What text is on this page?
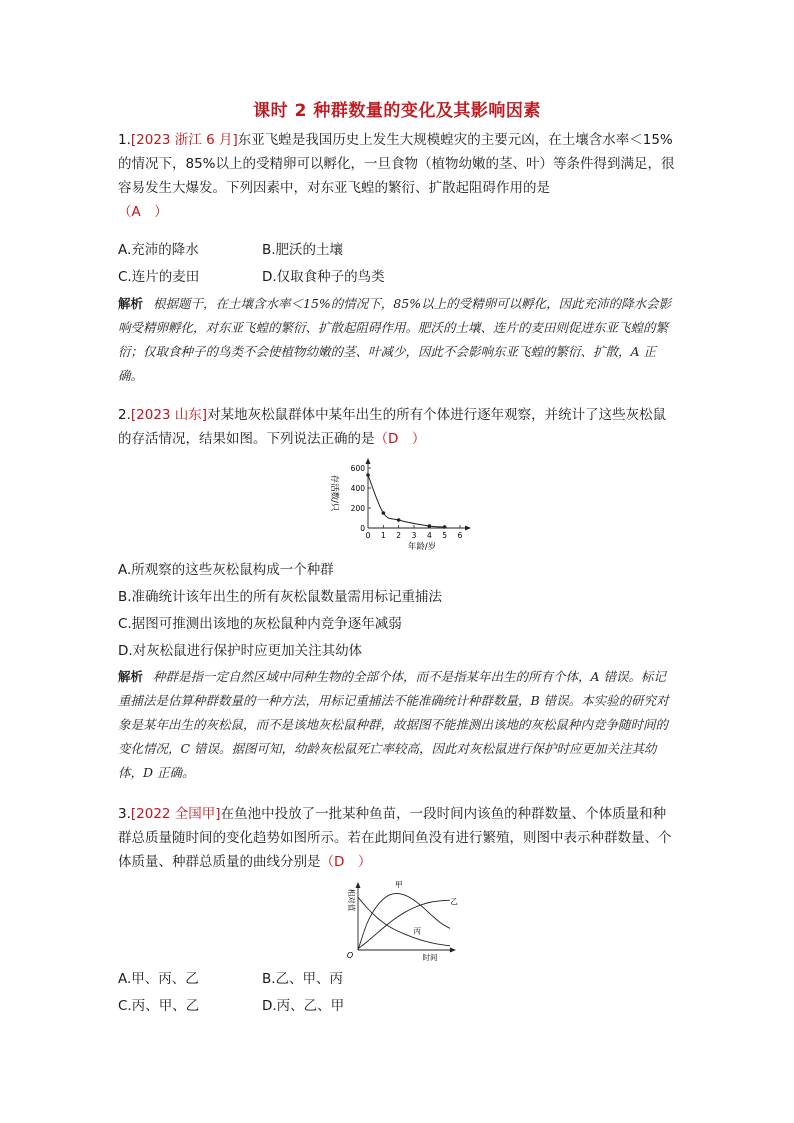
课时 2 种群数量的变化及其影响因素
1.[2023 浙江 6 月]东亚飞蝗是我国历史上发生大规模蝗灾的主要元凶，在土壤含水率＜15%的情况下，85%以上的受精卵可以孵化，一旦食物（植物幼嫩的茎、叶）等条件得到满足，很容易发生大爆发。下列因素中，对东亚飞蝗的繁衍、扩散起阻碍作用的是
（A　）
A.充沛的降水	B.肥沃的土壤
C.连片的麦田	D.仅取食种子的鸟类
解析 根据题干，在土壤含水率＜15%的情况下，85%以上的受精卵可以孵化，因此充沛的降水会影响受精卵孵化，对东亚飞蝗的繁衍、扩散起阻碍作用。肥沃的土壤、连片的麦田则促进东亚飞蝗的繁衍；仅取食种子的鸟类不会使植物幼嫩的茎、叶减少，因此不会影响东亚飞蝗的繁衍、扩散，A 正确。
2.[2023 山东]对某地灰松鼠群体中某年出生的所有个体进行逐年观察，并统计了这些灰松鼠的存活情况，结果如图。下列说法正确的是（D　）
0
200
400
600
0 1 2 3 4 5 6
存活数/只
年龄/岁
A.所观察的这些灰松鼠构成一个种群
B.准确统计该年出生的所有灰松鼠数量需用标记重捕法
C.据图可推测出该地的灰松鼠种内竞争逐年减弱
D.对灰松鼠进行保护时应更加关注其幼体
解析 种群是指一定自然区域中同种生物的全部个体，而不是指某年出生的所有个体，A 错误。标记重捕法是估算种群数量的一种方法，用标记重捕法不能准确统计种群数量，B 错误。本实验的研究对象是某年出生的灰松鼠，而不是该地灰松鼠种群，故据图不能推测出该地的灰松鼠种内竞争随时间的变化情况，C 错误。据图可知，幼龄灰松鼠死亡率较高，因此对灰松鼠进行保护时应更加关注其幼体，D 正确。
3.[2022 全国甲]在鱼池中投放了一批某种鱼苗，一段时间内该鱼的种群数量、个体质量和种群总质量随时间的变化趋势如图所示。若在此期间鱼没有进行繁殖，则图中表示种群数量、个体质量、种群总质量的曲线分别是（D　）
甲
乙
丙
相对值
O	时间
A.甲、丙、乙	B.乙、甲、丙
C.丙、甲、乙	D.丙、乙、甲
